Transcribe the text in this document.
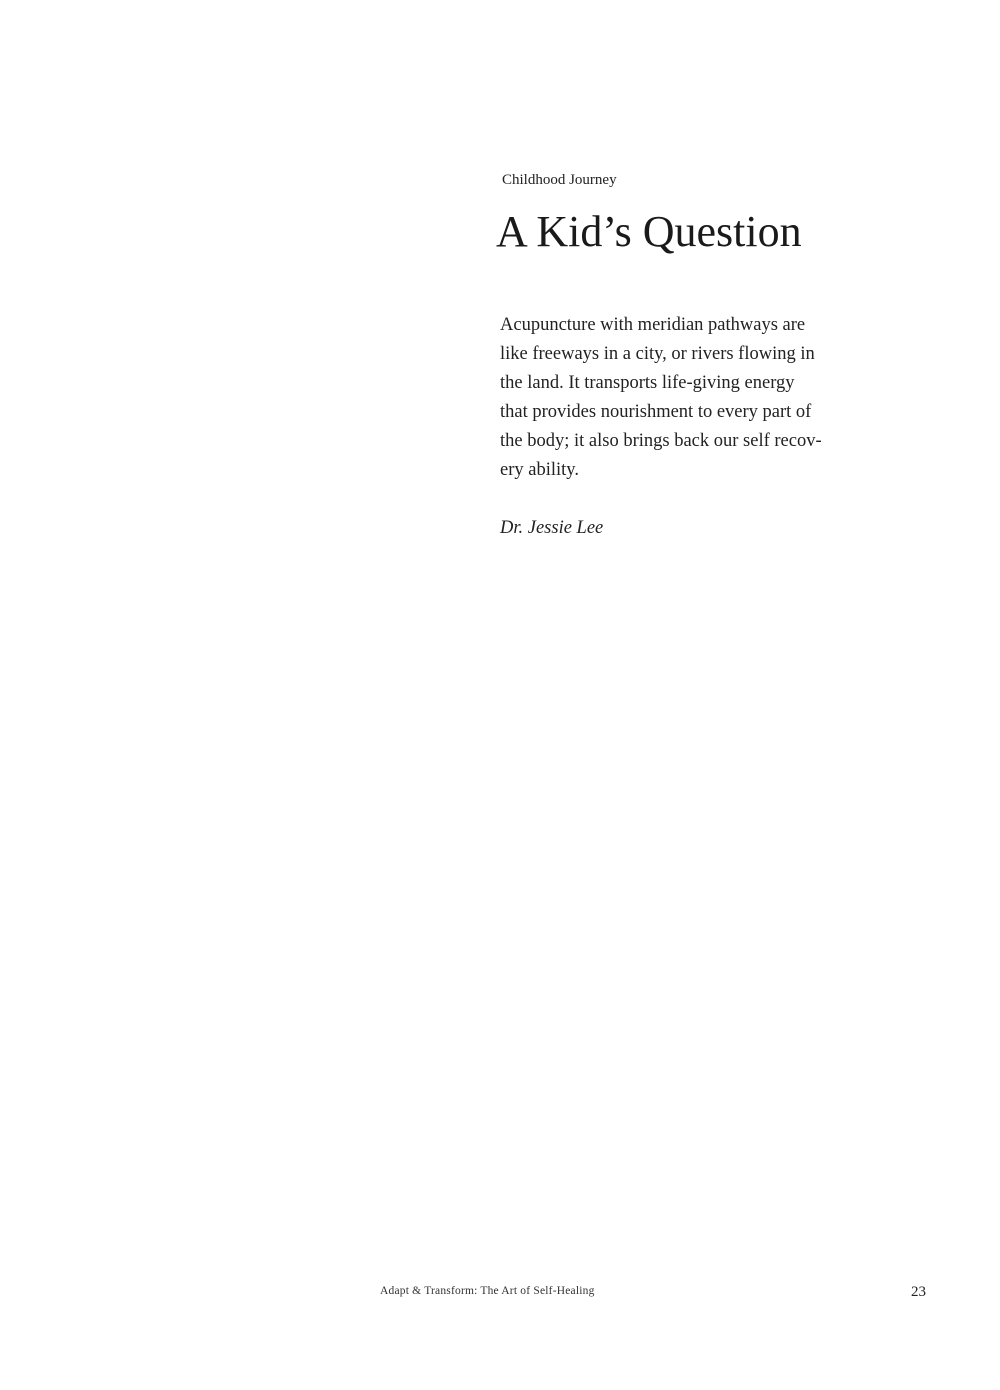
Childhood Journey
A Kid’s Question
Acupuncture with meridian pathways are
like freeways in a city, or rivers flowing in
the land. It transports life-giving energy
that provides nourishment to every part of
the body; it also brings back our self recov-
ery ability.
Dr. Jessie Lee
Adapt & Transform: The Art of Self-Healing	23
